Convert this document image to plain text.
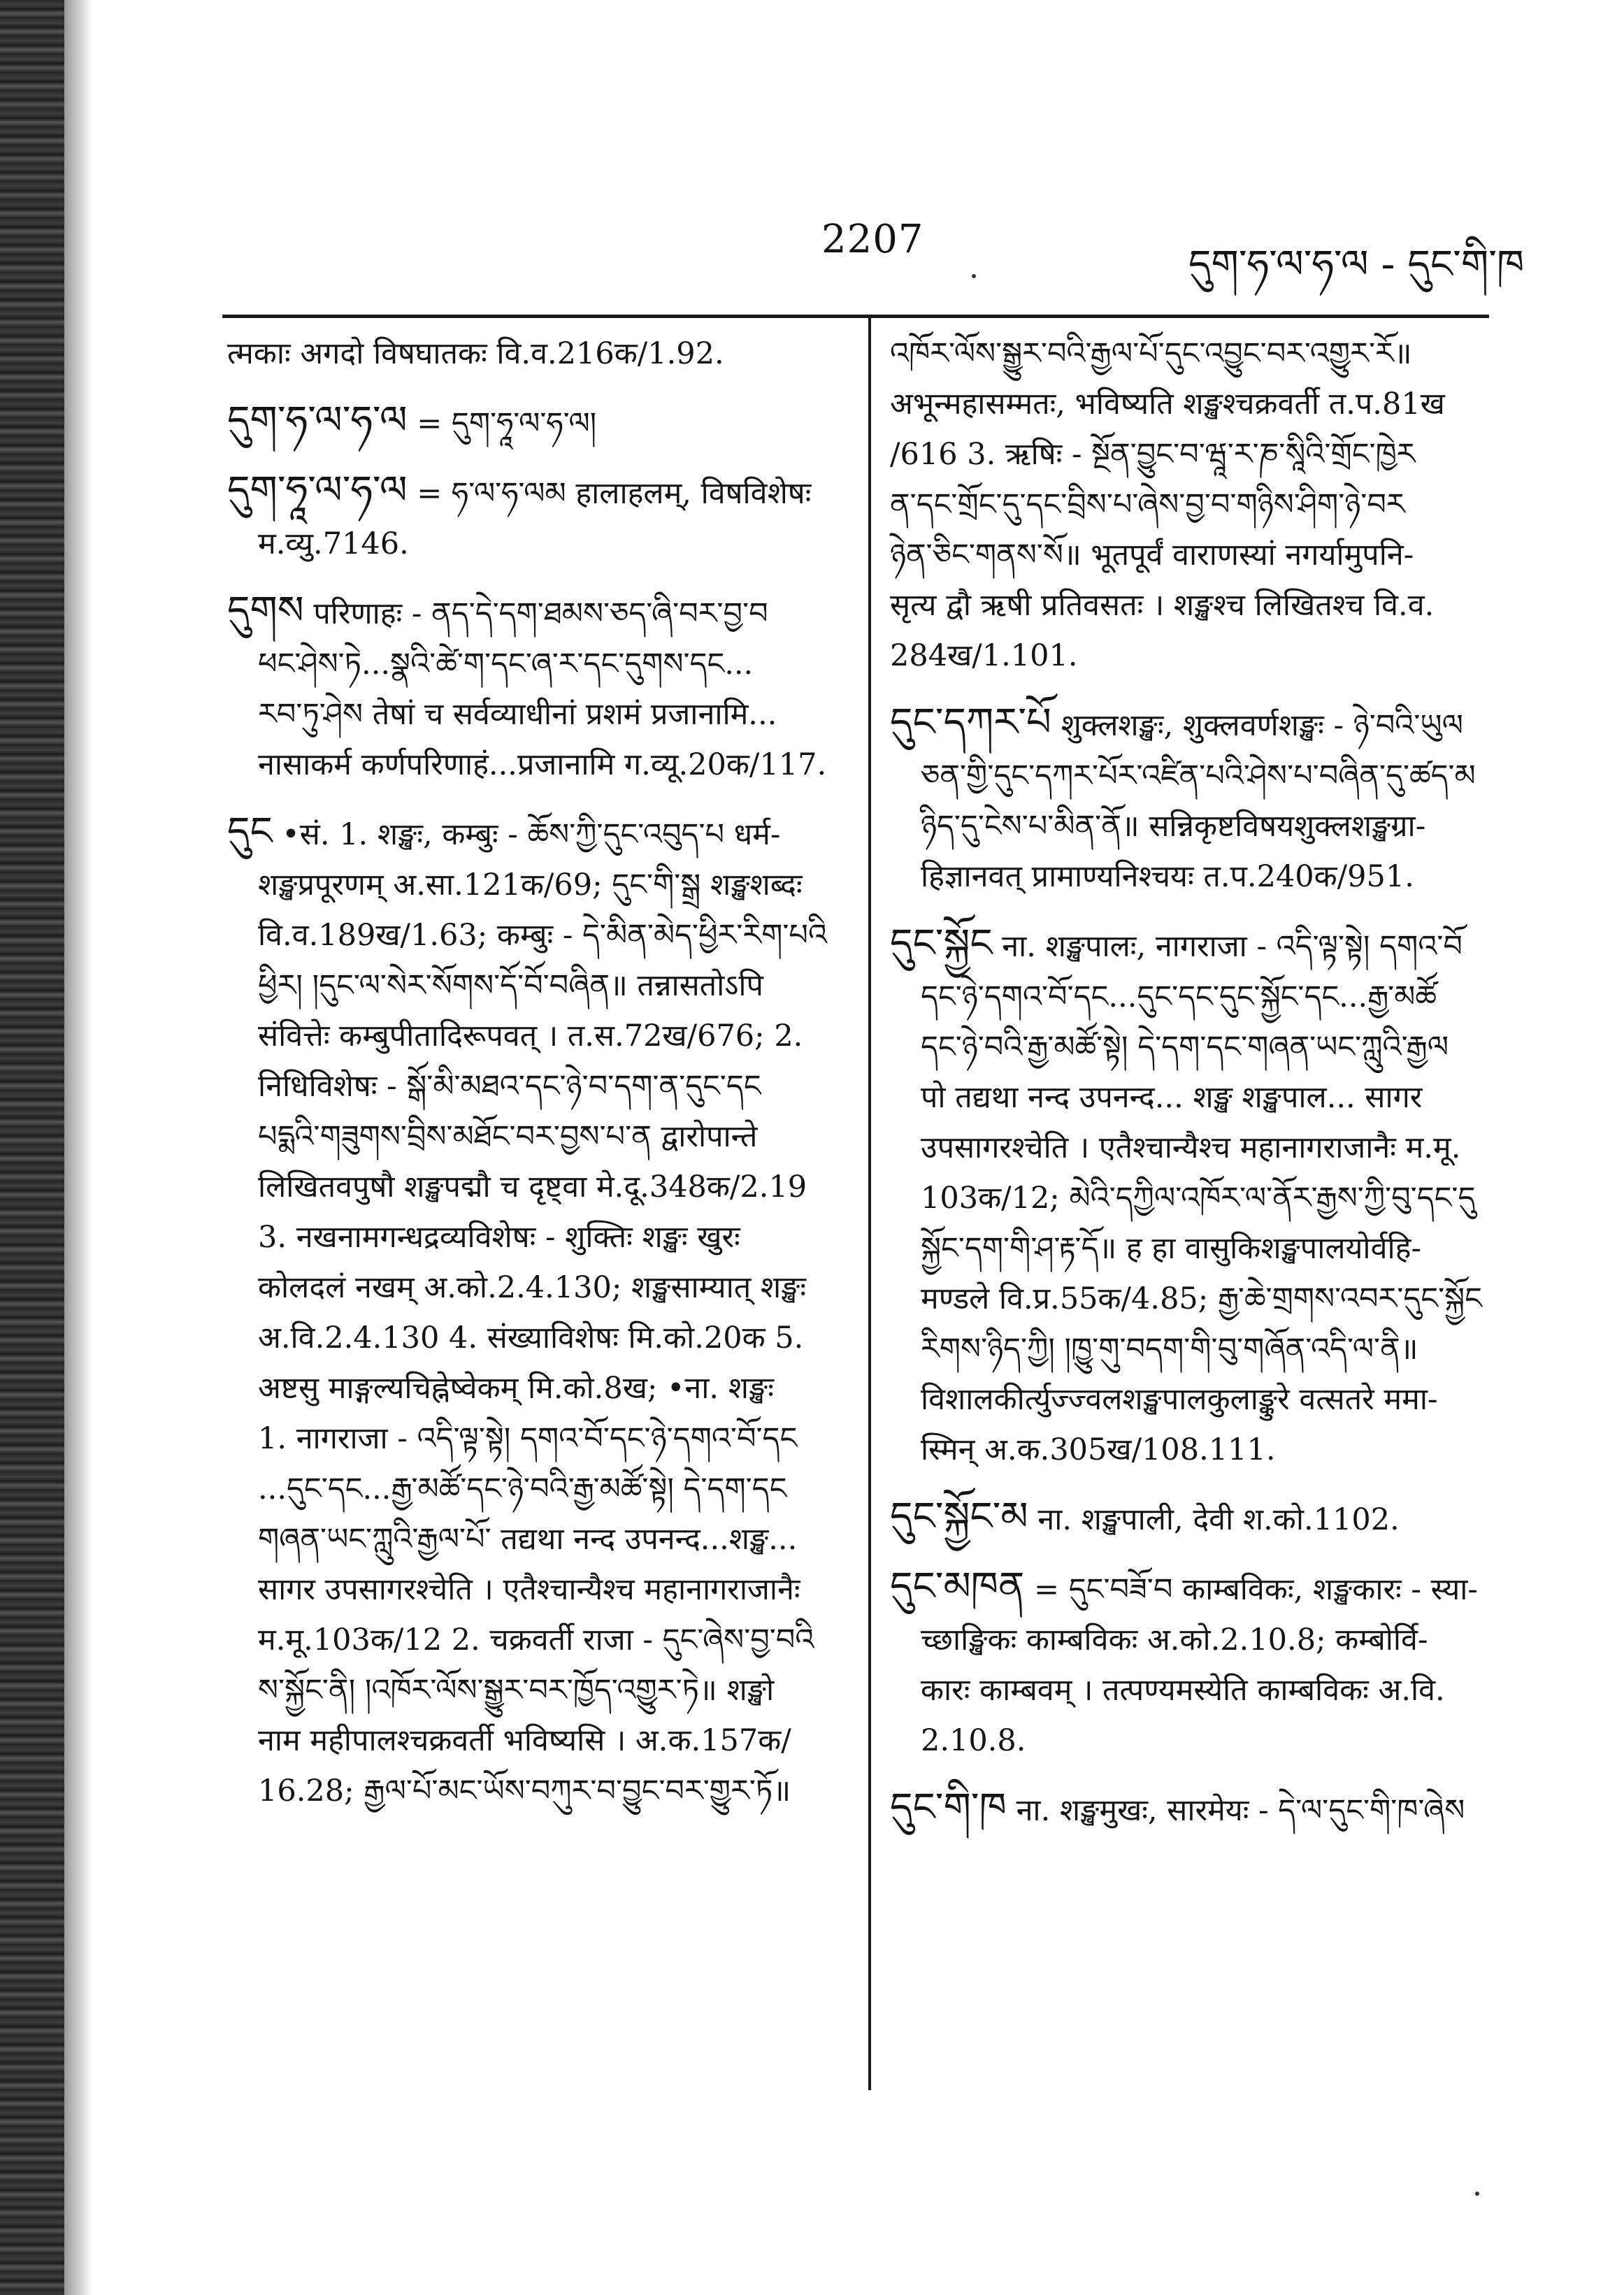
2207
དུག་ཧ་ལ་ཧ་ལ - དུང་གི་ཁ

त्मकाः अगदो विषघातकः वि.व.216क/1.92.

དུག་ཧ་ལ་ཧ་ལ = དུག་ཧཱ་ལ་ཧ་ལ།

དུག་ཧཱ་ལ་ཧ་ལ = ཧ་ལ་ཧ་ལམ हालाहलम्, विषविशेषः
म.व्यु.7146.

དུགས परिणाहः - ནད་དེ་དག་ཐམས་ཅད་ཞི་བར་བྱ་བ
ཕང་ཤེས་ཏེ...སྣའི་ཚེ་ག་དང་ཞ་ར་དང་དུགས་དང...
རབ་ཏུ་ཤེས तेषां च सर्वव्याधीनां प्रशमं प्रजानामि...
नासाकर्म कर्णपरिणाहं...प्रजानामि ग.व्यू.20क/117.

དུང •सं. 1. शङ्खः, कम्बुः - ཆོས་ཀྱི་དུང་འབུད་པ धर्म-
शङ्खप्रपूरणम् अ.सा.121क/69; དུང་གི་སྒྲ शङ्खशब्दः
वि.व.189ख/1.63; कम्बुः - དེ་མིན་མེད་ཕྱིར་རིག་པའི
ཕྱིར། །དུང་ལ་སེར་སོགས་དོ་བོ་བཞིན॥ तन्नासतोऽपि
संवित्तेः कम्बुपीतादिरूपवत् । त.स.72ख/676; 2.
निधिविशेषः - སྒོ་མི་མཐའ་དང་ཉེ་བ་དག་ན་དུང་དང
པདྨའི་གཟུགས་བྲིས་མཐོང་བར་བྱས་པ་ན द्वारोपान्ते
लिखितवपुषौ शङ्खपद्मौ च दृष्ट्वा मे.दू.348क/2.19
3. नखनामगन्धद्रव्यविशेषः - शुक्तिः शङ्खः खुरः
कोलदलं नखम् अ.को.2.4.130; शङ्खसाम्यात् शङ्खः
अ.वि.2.4.130 4. संख्याविशेषः मि.को.20क 5.
अष्टसु माङ्गल्यचिह्नेष्वेकम् मि.को.8ख; •ना. शङ्खः
1. नागराजा - འདི་ལྟ་སྟེ། དགའ་བོ་དང་ཉེ་དགའ་བོ་དང
...དུང་དང...རྒྱ་མཚོ་དང་ཉེ་བའི་རྒྱ་མཚོ་སྟེ། དེ་དག་དང
གཞན་ཡང་ཀླུའི་རྒྱལ་པོ་ तद्यथा नन्द उपनन्द...शङ्ख...
सागर उपसागरश्चेति । एतैश्चान्यैश्च महानागराजानैः
म.मू.103क/12 2. चक्रवर्ती राजा - དུང་ཞེས་བྱ་བའི
ས་སྐྱོང་ནི། །འཁོར་ལོས་སྒྱུར་བར་ཁྱོད་འགྱུར་ཏེ॥ शङ्खो
नाम महीपालश्चक्रवर्ती भविष्यसि । अ.क.157क/
16.28; རྒྱལ་པོ་མང་ཡོས་བཀུར་བ་བྱུང་བར་གྱུར་ཏོ॥

འཁོར་ལོས་སྒྱུར་བའི་རྒྱལ་པོ་དུང་འབྱུང་བར་འགྱུར་རོ॥
अभून्महासम्मतः, भविष्यति शङ्खश्चक्रवर्ती त.प.81ख
/616 3. ऋषिः - སྔོན་བྱུང་བ་ཝཱ་ར་ཎ་སཱིའི་གྲོང་ཁྱེར
ན་དང་གྲོང་དུ་དང་བྲིས་པ་ཞེས་བྱ་བ་གཉིས་ཤིག་ཉེ་བར
ཉེན་ཅིང་གནས་སོ॥ भूतपूर्वं वाराणस्यां नगर्यामुपनि-
सृत्य द्वौ ऋषी प्रतिवसतः । शङ्खश्च लिखितश्च वि.व.
284ख/1.101.

དུང་དཀར་པོ शुक्लशङ्खः, शुक्लवर्णशङ्खः - ཉེ་བའི་ཡུལ
ཅན་གྱི་དུང་དཀར་པོར་འཛིན་པའི་ཤེས་པ་བཞིན་དུ་ཚད་མ
ཉིད་དུ་ངེས་པ་མིན་ནོ॥ सन्निकृष्टविषयशुक्लशङ्खग्रा-
हिज्ञानवत् प्रामाण्यनिश्चयः त.प.240क/951.

དུང་སྐྱོང ना. शङ्खपालः, नागराजा - འདི་ལྟ་སྟེ། དགའ་བོ
དང་ཉེ་དགའ་བོ་དང...དུང་དང་དུང་སྐྱོང་དང...རྒྱ་མཚོ
དང་ཉེ་བའི་རྒྱ་མཚོ་སྟེ། དེ་དག་དང་གཞན་ཡང་ཀླུའི་རྒྱལ
पो तद्यथा नन्द उपनन्द... शङ्ख शङ्खपाल... सागर
उपसागरश्चेति । एतैश्चान्यैश्च महानागराजानैः म.मू.
103क/12; མེའི་དཀྱིལ་འཁོར་ལ་ནོར་རྒྱས་ཀྱི་བུ་དང་དུ
སྐྱོང་དག་གི་ཤ་རྟ་དོ॥ ह हा वासुकिशङ्खपालयोर्वहि-
मण्डले वि.प्र.55क/4.85; རྒྱ་ཆེ་གྲགས་འབར་དུང་སྐྱོང
རིགས་ཉིད་ཀྱི། །ཁྱུ་གུ་བདག་གི་བུ་གཞོན་འདི་ལ་ནི॥
विशालकीर्त्युज्ज्वलशङ्खपालकुलाङ्कुरे वत्सतरे ममा-
स्मिन् अ.क.305ख/108.111.

དུང་སྐྱོང་མ ना. शङ्खपाली, देवी श.को.1102.

དུང་མཁན = དུང་བཟོ་བ काम्बविकः, शङ्खकारः - स्या-
च्छाङ्खिकः काम्बविकः अ.को.2.10.8; कम्बोर्वि-
कारः काम्बवम् । तत्पण्यमस्येति काम्बविकः अ.वि.
2.10.8.

དུང་གི་ཁ ना. शङ्खमुखः, सारमेयः - དེ་ལ་དུང་གི་ཁ་ཞེས
